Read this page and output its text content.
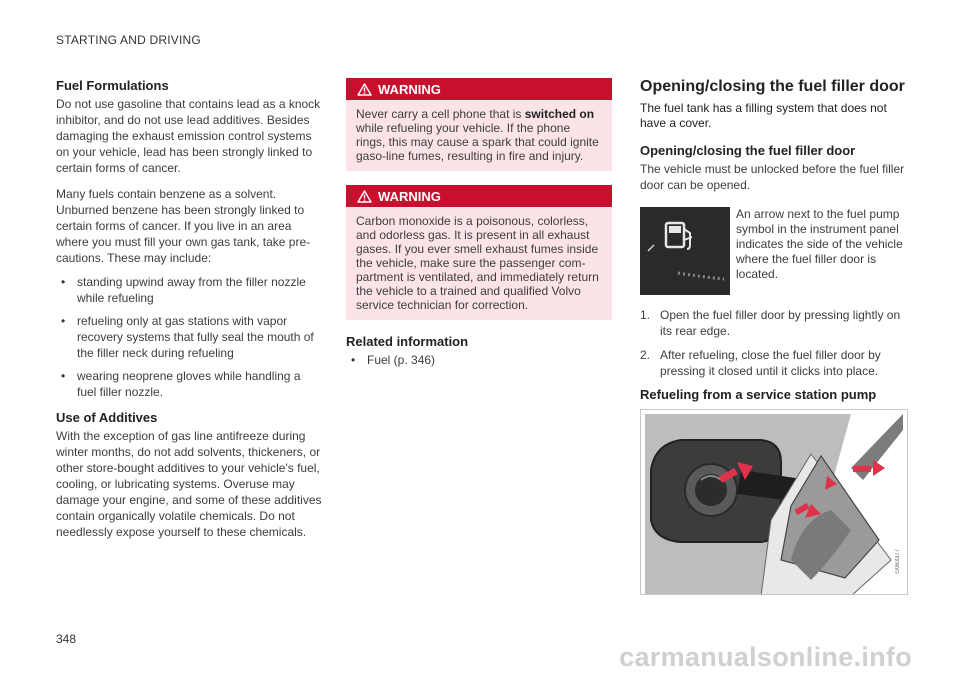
STARTING AND DRIVING
Fuel Formulations

Do not use gasoline that contains lead as a knock inhibitor, and do not use lead additives. Besides damaging the exhaust emission control systems on your vehicle, lead has been strongly linked to certain forms of cancer.

Many fuels contain benzene as a solvent. Unburned benzene has been strongly linked to certain forms of cancer. If you live in an area where you must fill your own gas tank, take pre-cautions. These may include:

• standing upwind away from the filler nozzle while refueling
• refueling only at gas stations with vapor recovery systems that fully seal the mouth of the filler neck during refueling
• wearing neoprene gloves while handling a fuel filler nozzle.
Use of Additives

With the exception of gas line antifreeze during winter months, do not add solvents, thickeners, or other store-bought additives to your vehicle's fuel, cooling, or lubricating systems. Overuse may damage your engine, and some of these additives contain organically volatile chemicals. Do not needlessly expose yourself to these chemicals.

WARNING
Never carry a cell phone that is switched on while refueling your vehicle. If the phone rings, this may cause a spark that could ignite gaso-line fumes, resulting in fire and injury.
WARNING
Carbon monoxide is a poisonous, colorless, and odorless gas. It is present in all exhaust gases. If you ever smell exhaust fumes inside the vehicle, make sure the passenger com-partment is ventilated, and immediately return the vehicle to a trained and qualified Volvo service technician for correction.
Related information
• Fuel (p. 346)
Opening/closing the fuel filler door

The fuel tank has a filling system that does not have a cover.

Opening/closing the fuel filler door

The vehicle must be unlocked before the fuel filler door can be opened.

An arrow next to the fuel pump symbol in the instrument panel indicates the side of the vehicle where the fuel filler door is located.
1. Open the fuel filler door by pressing lightly on its rear edge.
2. After refueling, close the fuel filler door by pressing it closed until it clicks into place.
Refueling from a service station pump
G063377
348
carmanualsonline.info
